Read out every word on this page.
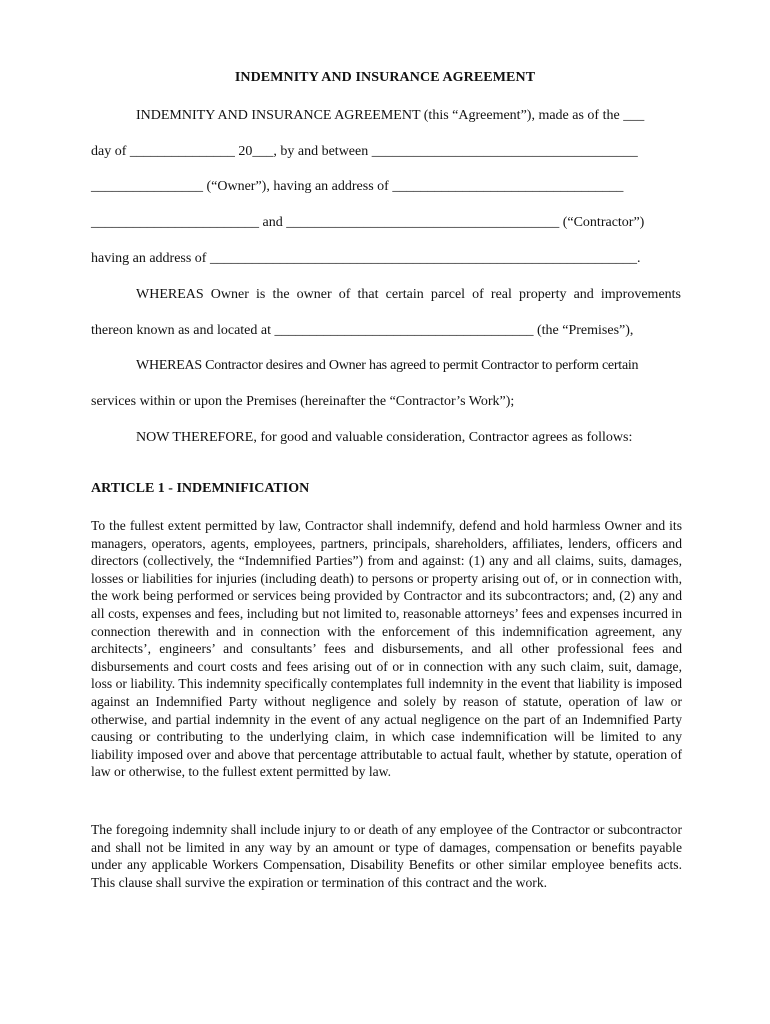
INDEMNITY AND INSURANCE AGREEMENT
INDEMNITY AND INSURANCE AGREEMENT (this “Agreement”), made as of the ___
day of _______________ 20___, by and between ______________________________________
________________ (“Owner”), having an address of _________________________________
________________________ and _______________________________________ (“Contractor”)
having an address of _____________________________________________________________.
WHEREAS Owner is the owner of that certain parcel of real property and improvements
thereon known as and located at _____________________________________ (the “Premises”),
WHEREAS Contractor desires and Owner has agreed to permit Contractor to perform certain
services within or upon the Premises (hereinafter the “Contractor’s Work”);
NOW THEREFORE, for good and valuable consideration, Contractor agrees as follows:
ARTICLE 1 - INDEMNIFICATION

To the fullest extent permitted by law, Contractor shall indemnify, defend and hold harmless Owner and its managers, operators, agents, employees, partners, principals, shareholders, affiliates, lenders, officers and directors (collectively, the “Indemnified Parties”) from and against: (1) any and all claims, suits, damages, losses or liabilities for injuries (including death) to persons or property arising out of, or in connection with, the work being performed or services being provided by Contractor and its subcontractors; and, (2) any and all costs, expenses and fees, including but not limited to, reasonable attorneys’ fees and expenses incurred in connection therewith and in connection with the enforcement of this indemnification agreement, any architects’, engineers’ and consultants’ fees and disbursements, and all other professional fees and disbursements and court costs and fees arising out of or in connection with any such claim, suit, damage, loss or liability. This indemnity specifically contemplates full indemnity in the event that liability is imposed against an Indemnified Party without negligence and solely by reason of statute, operation of law or otherwise, and partial indemnity in the event of any actual negligence on the part of an Indemnified Party causing or contributing to the underlying claim, in which case indemnification will be limited to any liability imposed over and above that percentage attributable to actual fault, whether by statute, operation of law or otherwise, to the fullest extent permitted by law.

The foregoing indemnity shall include injury to or death of any employee of the Contractor or subcontractor and shall not be limited in any way by an amount or type of damages, compensation or benefits payable under any applicable Workers Compensation, Disability Benefits or other similar employee benefits acts. This clause shall survive the expiration or termination of this contract and the work.
